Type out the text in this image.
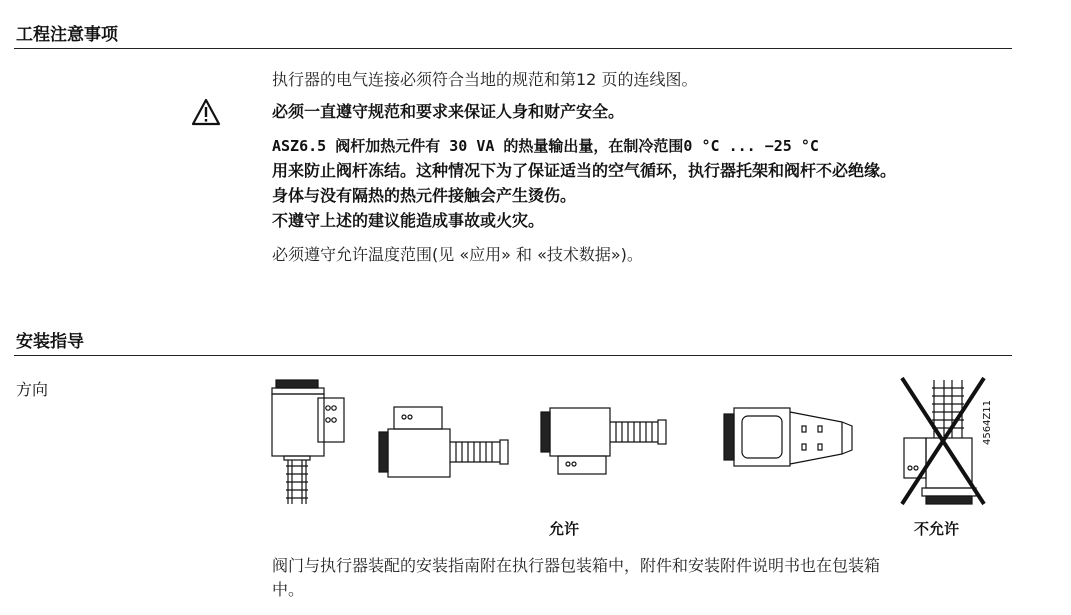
工程注意事项
执行器的电气连接必须符合当地的规范和第12 页的连线图。
必须一直遵守规范和要求来保证人身和财产安全。
ASZ6.5 阀杆加热元件有 30 VA 的热量输出量，在制冷范围0 °C ... −25 °C
用来防止阀杆冻结。这种情况下为了保证适当的空气循环，执行器托架和阀杆不必绝缘。
身体与没有隔热的热元件接触会产生烫伤。
不遵守上述的建议能造成事故或火灾。
必须遵守允许温度范围(见 «应用» 和 «技术数据»)。
安装指导
方向
4564Z11
允许	不允许
阀门与执行器装配的安装指南附在执行器包装箱中，附件和安装附件说明书也在包装箱
中。
